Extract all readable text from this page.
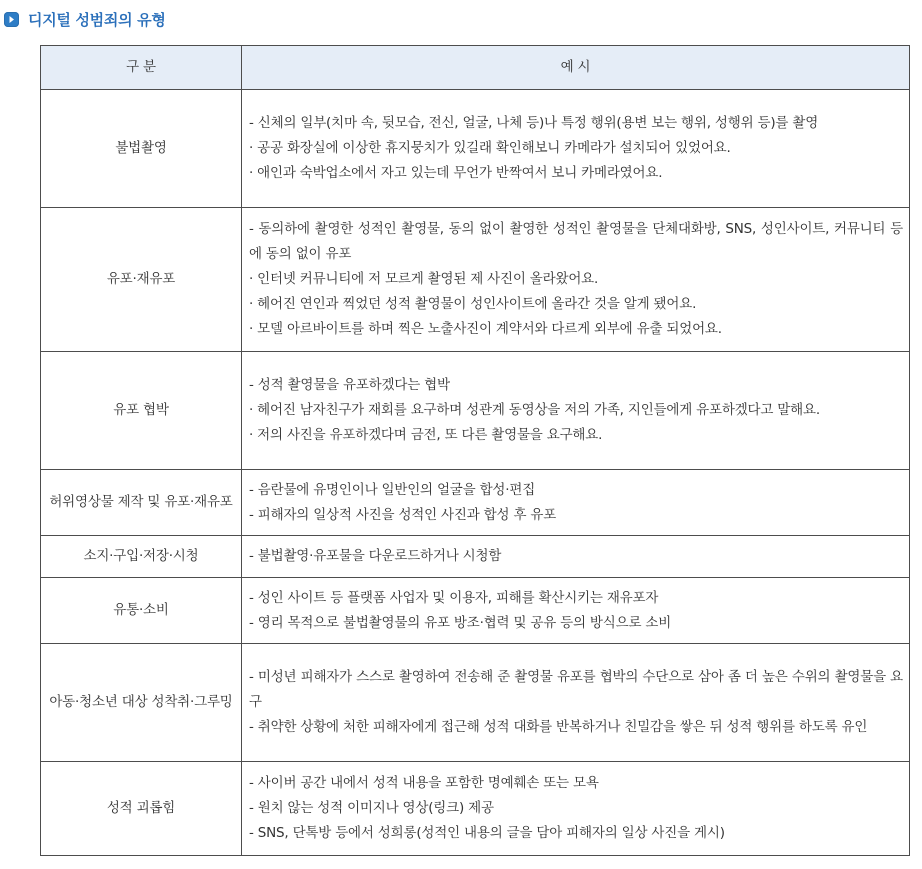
디지털 성범죄의 유형
구 분	예 시
불법촬영	- 신체의 일부(치마 속, 뒷모습, 전신, 얼굴, 나체 등)나 특정 행위(용변 보는 행위, 성행위 등)를 촬영
· 공공 화장실에 이상한 휴지뭉치가 있길래 확인해보니 카메라가 설치되어 있었어요.
· 애인과 숙박업소에서 자고 있는데 무언가 반짝여서 보니 카메라였어요.

유포·재유포	- 동의하에 촬영한 성적인 촬영물, 동의 없이 촬영한 성적인 촬영물을 단체대화방, SNS, 성인사이트, 커뮤니티 등에 동의 없이 유포
· 인터넷 커뮤니티에 저 모르게 촬영된 제 사진이 올라왔어요.
· 헤어진 연인과 찍었던 성적 촬영물이 성인사이트에 올라간 것을 알게 됐어요.
· 모델 아르바이트를 하며 찍은 노출사진이 계약서와 다르게 외부에 유출 되었어요.

유포 협박	- 성적 촬영물을 유포하겠다는 협박
· 헤어진 남자친구가 재회를 요구하며 성관계 동영상을 저의 가족, 지인들에게 유포하겠다고 말해요.
· 저의 사진을 유포하겠다며 금전, 또 다른 촬영물을 요구해요.

허위영상물 제작 및 유포·재유포	- 음란물에 유명인이나 일반인의 얼굴을 합성·편집
- 피해자의 일상적 사진을 성적인 사진과 합성 후 유포

소지·구입·저장·시청	- 불법촬영·유포물을 다운로드하거나 시청함

유통·소비	- 성인 사이트 등 플랫폼 사업자 및 이용자, 피해를 확산시키는 재유포자
- 영리 목적으로 불법촬영물의 유포 방조·협력 및 공유 등의 방식으로 소비

아동·청소년 대상 성착취·그루밍	- 미성년 피해자가 스스로 촬영하여 전송해 준 촬영물 유포를 협박의 수단으로 삼아 좀 더 높은 수위의 촬영물을 요구
- 취약한 상황에 처한 피해자에게 접근해 성적 대화를 반복하거나 친밀감을 쌓은 뒤 성적 행위를 하도록 유인

성적 괴롭힘	- 사이버 공간 내에서 성적 내용을 포함한 명예훼손 또는 모욕
- 원치 않는 성적 이미지나 영상(링크) 제공
- SNS, 단톡방 등에서 성희롱(성적인 내용의 글을 담아 피해자의 일상 사진을 게시)
